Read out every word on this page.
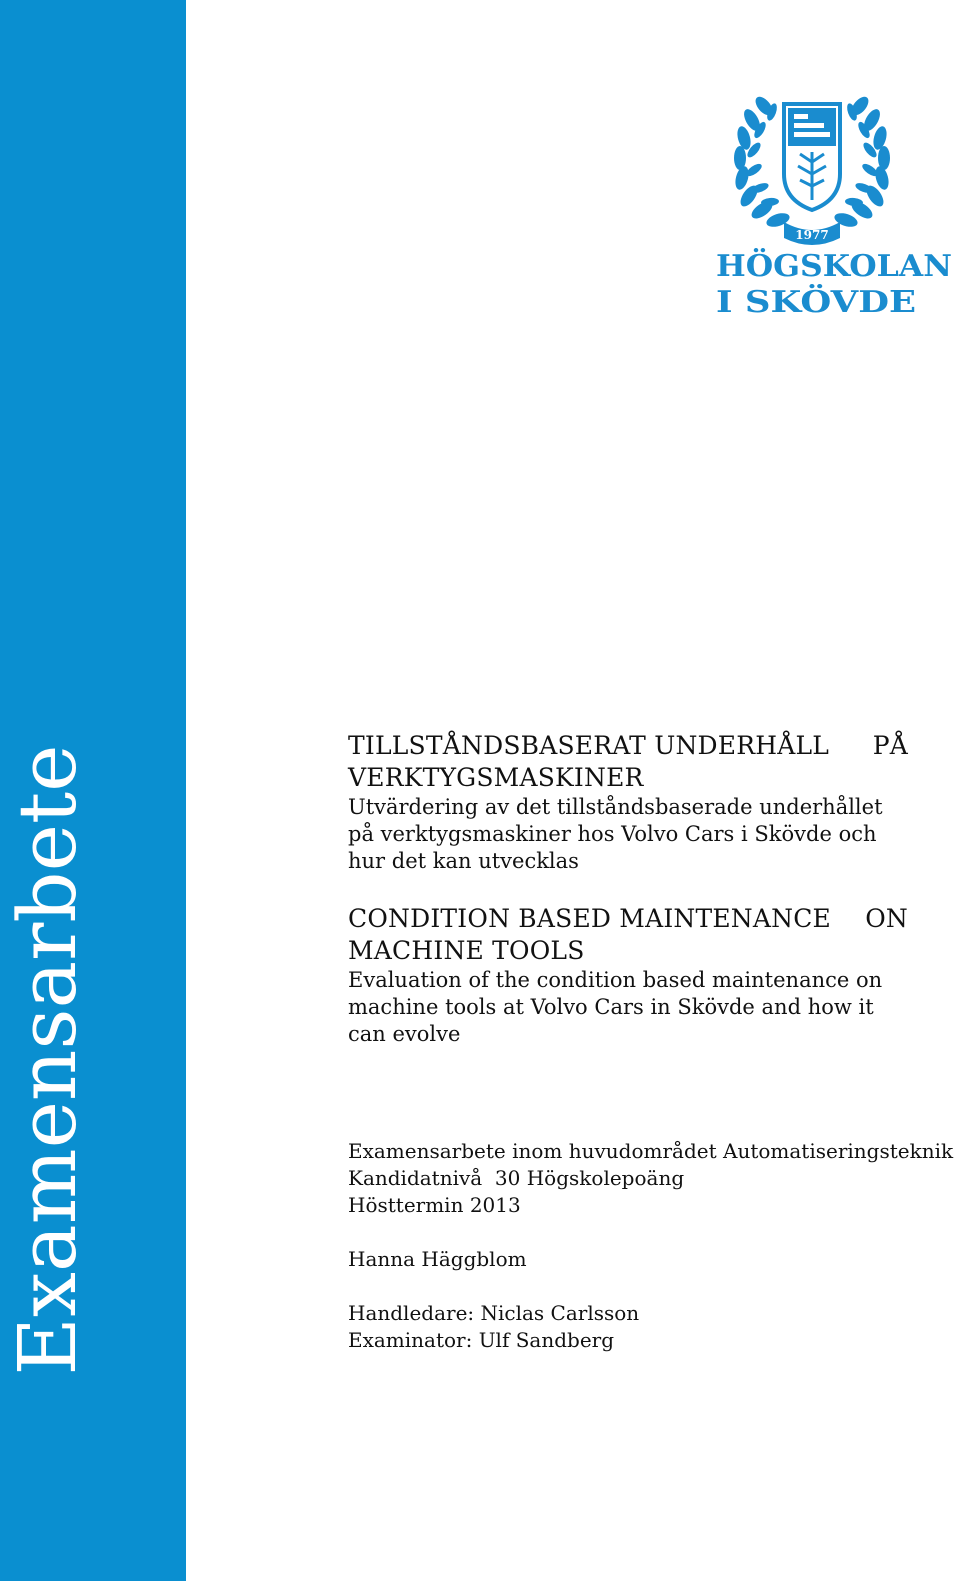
Examensarbete
1977
HÖGSKOLAN
I SKÖVDE
TILLSTÅNDSBASERAT UNDERHÅLL PÅ
VERKTYGSMASKINER
Utvärdering av det tillståndsbaserade underhållet
på verktygsmaskiner hos Volvo Cars i Skövde och
hur det kan utvecklas
CONDITION BASED MAINTENANCE ON
MACHINE TOOLS
Evaluation of the condition based maintenance on
machine tools at Volvo Cars in Skövde and how it
can evolve
Examensarbete inom huvudområdet Automatiseringsteknik
Kandidatnivå  30 Högskolepoäng
Hösttermin 2013
Hanna Häggblom
Handledare: Niclas Carlsson
Examinator: Ulf Sandberg
